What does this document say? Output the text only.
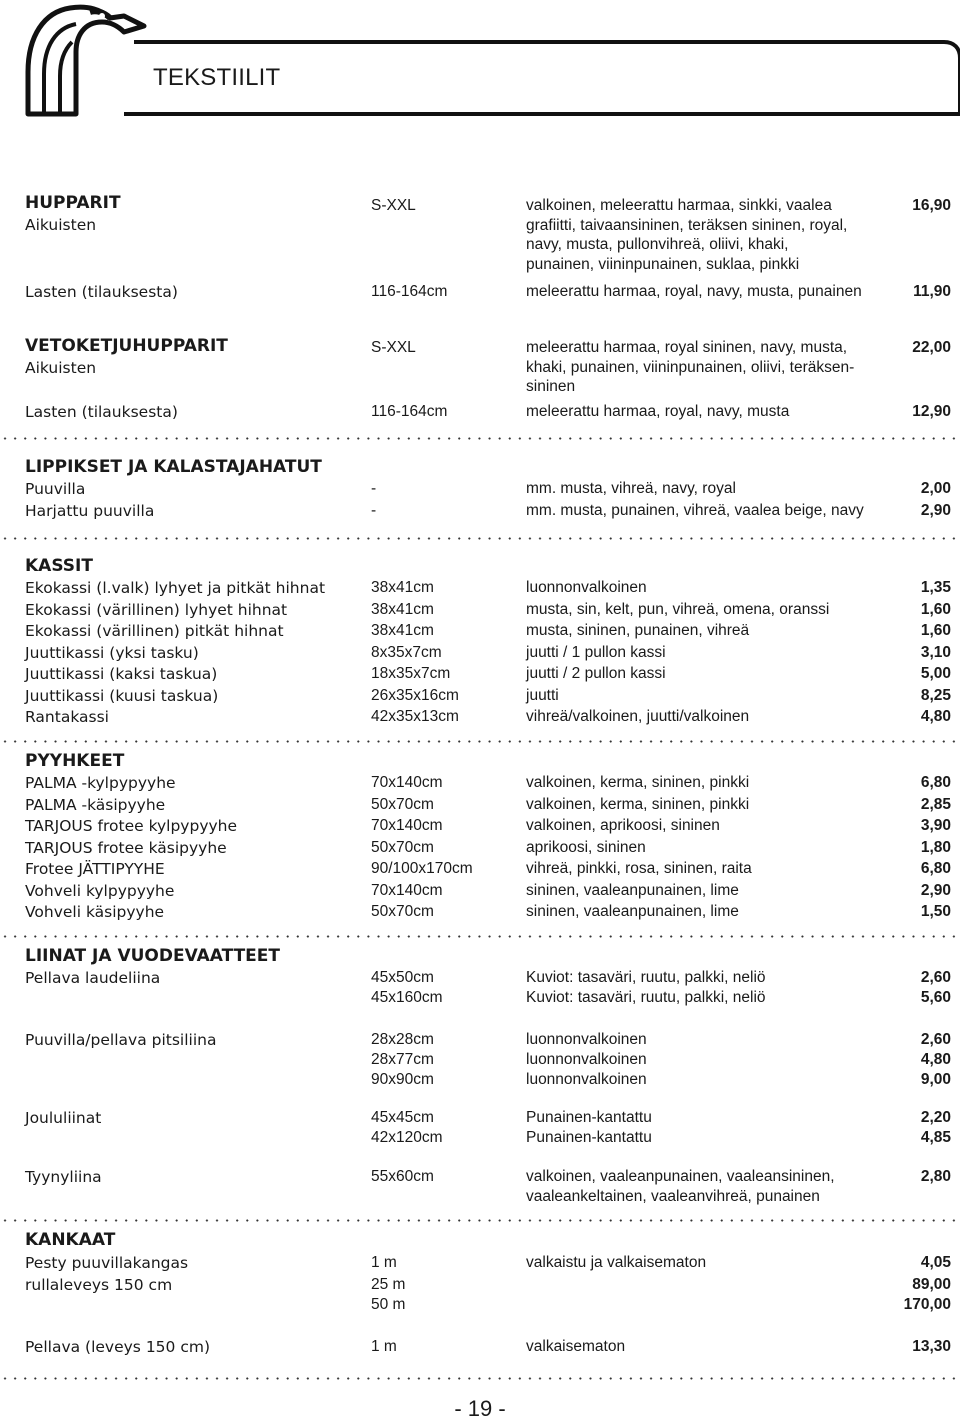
TEKSTIILIT
HUPPARIT
Aikuisten
S-XXL	valkoinen, meleerattu harmaa, sinkki, vaalea	16,90
grafiitti, taivaansininen, teräksen sininen, royal,
navy, musta, pullonvihreä, oliivi, khaki,
punainen, viininpunainen, suklaa, pinkki
Lasten (tilauksesta)	116-164cm	meleerattu harmaa, royal, navy, musta, punainen	11,90
VETOKETJUHUPPARIT	S-XXL	meleerattu harmaa, royal sininen, navy, musta,	22,00
Aikuisten	khaki, punainen, viininpunainen, oliivi, teräksen-
sininen
Lasten (tilauksesta)	116-164cm	meleerattu harmaa, royal, navy, musta	12,90
LIPPIKSET JA KALASTAJAHATUT
Puuvilla	-	mm. musta, vihreä, navy, royal	2,00
Harjattu puuvilla	-	mm. musta, punainen, vihreä, vaalea beige, navy	2,90
KASSIT
Ekokassi (l.valk) lyhyet ja pitkät hihnat	38x41cm	luonnonvalkoinen	1,35
Ekokassi (värillinen) lyhyet hihnat	38x41cm	musta, sin, kelt, pun, vihreä, omena, oranssi	1,60
Ekokassi (värillinen) pitkät hihnat	38x41cm	musta, sininen, punainen, vihreä	1,60
Juuttikassi (yksi tasku)	8x35x7cm	juutti / 1 pullon kassi	3,10
Juuttikassi (kaksi taskua)	18x35x7cm	juutti / 2 pullon kassi	5,00
Juuttikassi (kuusi taskua)	26x35x16cm	juutti	8,25
Rantakassi	42x35x13cm	vihreä/valkoinen, juutti/valkoinen	4,80
PYYHKEET
PALMA -kylpypyyhe	70x140cm	valkoinen, kerma, sininen, pinkki	6,80
PALMA -käsipyyhe	50x70cm	valkoinen, kerma, sininen, pinkki	2,85
TARJOUS frotee kylpypyyhe	70x140cm	valkoinen, aprikoosi, sininen	3,90
TARJOUS frotee käsipyyhe	50x70cm	aprikoosi, sininen	1,80
Frotee JÄTTIPYYHE	90/100x170cm	vihreä, pinkki, rosa, sininen, raita	6,80
Vohveli kylpypyyhe	70x140cm	sininen, vaaleanpunainen, lime	2,90
Vohveli käsipyyhe	50x70cm	sininen, vaaleanpunainen, lime	1,50
LIINAT JA VUODEVAATTEET
Pellava laudeliina	45x50cm	Kuviot: tasaväri, ruutu, palkki, neliö	2,60
45x160cm	Kuviot: tasaväri, ruutu, palkki, neliö	5,60
Puuvilla/pellava pitsiliina	28x28cm	luonnonvalkoinen	2,60
28x77cm	luonnonvalkoinen	4,80
90x90cm	luonnonvalkoinen	9,00
Joululiinat	45x45cm	Punainen-kantattu	2,20
42x120cm	Punainen-kantattu	4,85
Tyynyliina	55x60cm	valkoinen, vaaleanpunainen, vaaleansininen,	2,80
vaaleankeltainen, vaaleanvihreä, punainen
KANKAAT
Pesty puuvillakangas	1 m	valkaistu ja valkaisematon	4,05
rullaleveys 150 cm	25 m	89,00
50 m	170,00
Pellava (leveys 150 cm)	1 m	valkaisematon	13,30
- 19 -
